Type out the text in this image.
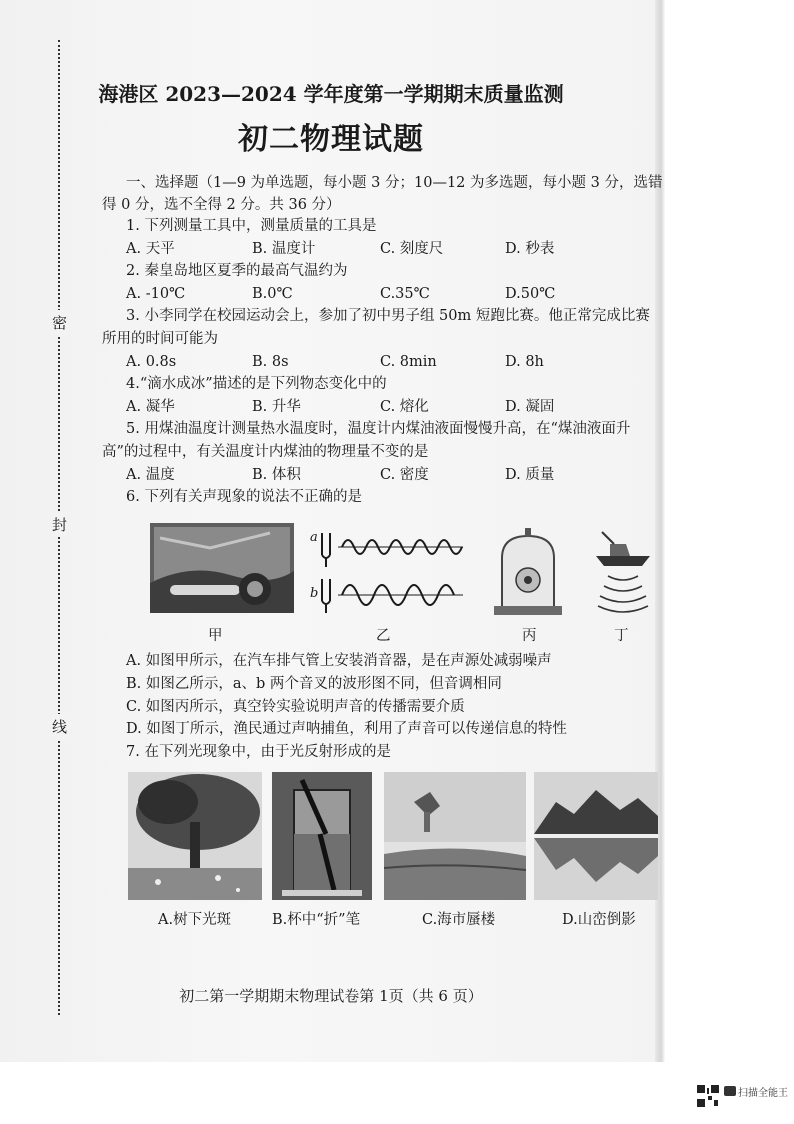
密
封
线
海港区 2023—2024 学年度第一学期期末质量监测
初二物理试题
一、选择题（1—9 为单选题，每小题 3 分；10—12 为多选题，每小题 3 分，选错
得 0 分，选不全得 2 分。共 36 分）
1. 下列测量工具中，测量质量的工具是
A. 天平	B. 温度计	C. 刻度尺	D. 秒表
2. 秦皇岛地区夏季的最高气温约为
A. -10℃	B.0℃	C.35℃	D.50℃
3. 小李同学在校园运动会上，参加了初中男子组 50m 短跑比赛。他正常完成比赛
所用的时间可能为
A. 0.8s	B. 8s	C. 8min	D. 8h
4.“滴水成冰”描述的是下列物态变化中的
A. 凝华	B. 升华	C. 熔化	D. 凝固
5. 用煤油温度计测量热水温度时，温度计内煤油液面慢慢升高，在“煤油液面升
高”的过程中，有关温度计内煤油的物理量不变的是
A. 温度	B. 体积	C. 密度	D. 质量
6. 下列有关声现象的说法不正确的是
a
b
甲	乙	丙	丁
A. 如图甲所示，在汽车排气管上安装消音器，是在声源处减弱噪声
B. 如图乙所示，a、b 两个音叉的波形图不同，但音调相同
C. 如图丙所示，真空铃实验说明声音的传播需要介质
D. 如图丁所示，渔民通过声呐捕鱼，利用了声音可以传递信息的特性
7. 在下列光现象中，由于光反射形成的是
A.树下光斑	B.杯中“折”笔	C.海市蜃楼	D.山峦倒影
初二第一学期期末物理试卷第 1页（共 6 页）
扫描全能王
